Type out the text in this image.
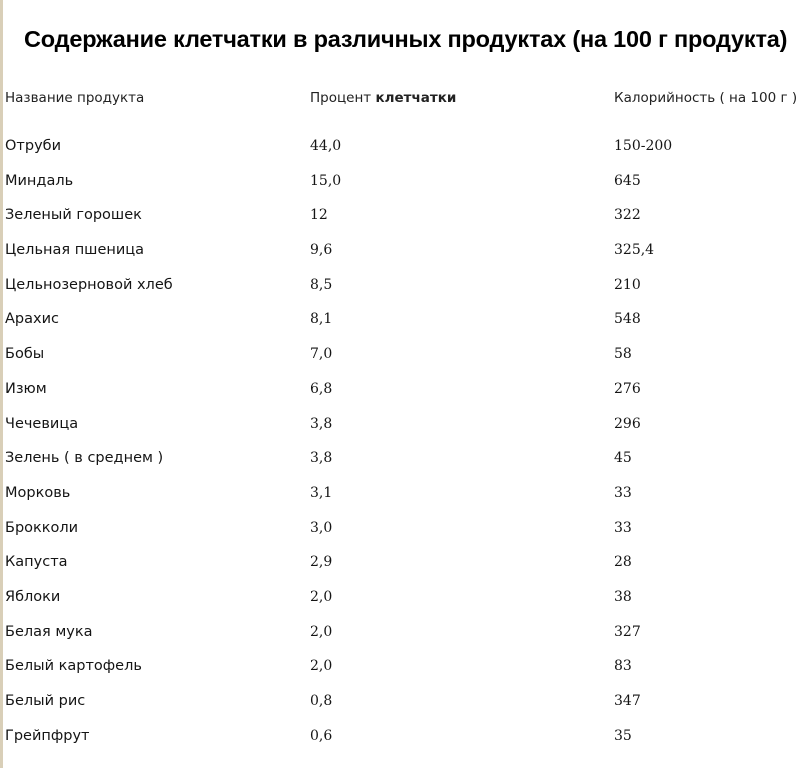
Содержание клетчатки в различных продуктах (на 100 г продукта)
Название продукта	Процент клетчатки	Калорийность ( на 100 г )
Отруби	44,0	150-200
Миндаль	15,0	645
Зеленый горошек	12	322
Цельная пшеница	9,6	325,4
Цельнозерновой хлеб	8,5	210
Арахис	8,1	548
Бобы	7,0	58
Изюм	6,8	276
Чечевица	3,8	296
Зелень ( в среднем )	3,8	45
Морковь	3,1	33
Брокколи	3,0	33
Капуста	2,9	28
Яблоки	2,0	38
Белая мука	2,0	327
Белый картофель	2,0	83
Белый рис	0,8	347
Грейпфрут	0,6	35
